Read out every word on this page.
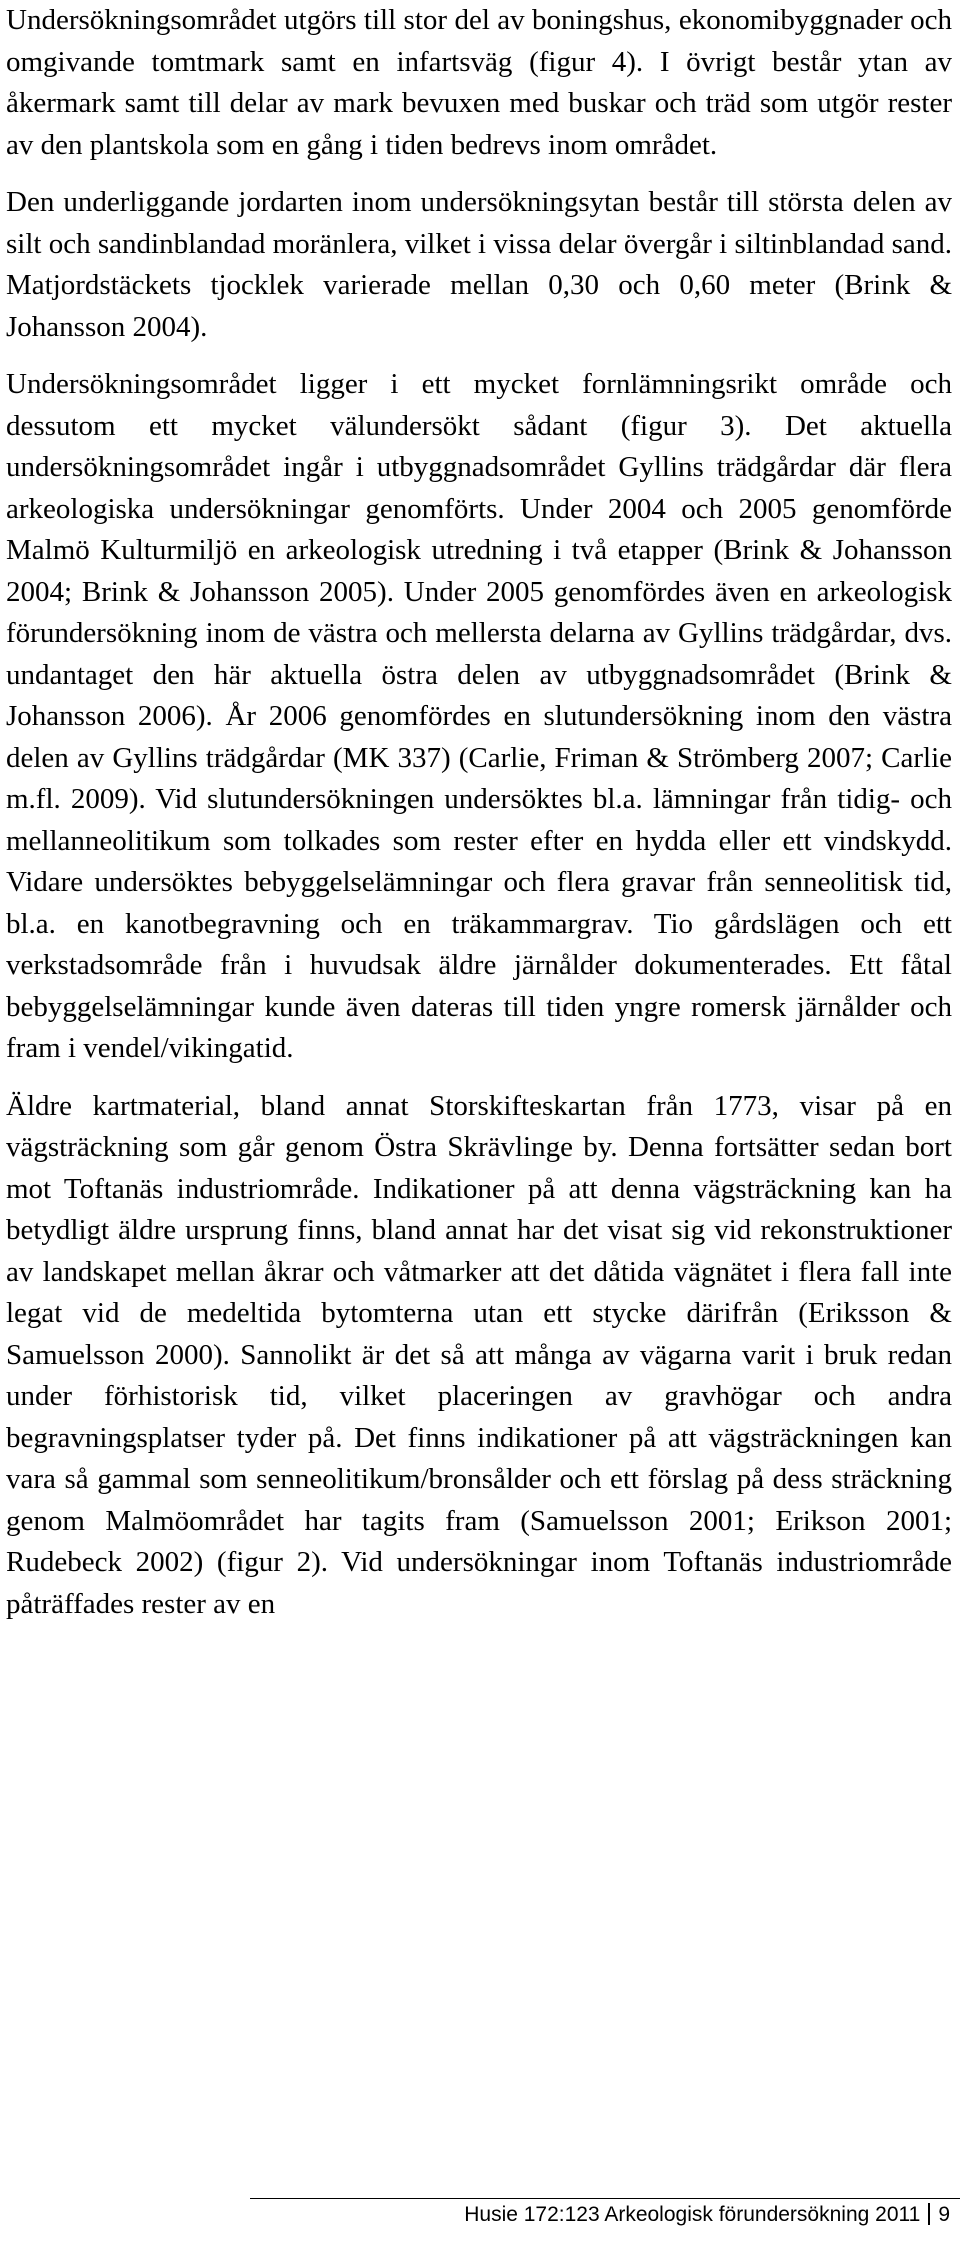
Undersökningsområdet utgörs till stor del av boningshus, ekonomibyggnader och omgivande tomtmark samt en infartsväg (figur 4). I övrigt består ytan av åkermark samt till delar av mark bevuxen med buskar och träd som utgör rester av den plantskola som en gång i tiden bedrevs inom området.

Den underliggande jordarten inom undersökningsytan består till största delen av silt och sandinblandad moränlera, vilket i vissa delar övergår i siltinblandad sand. Matjordstäckets tjocklek varierade mellan 0,30 och 0,60 meter (Brink & Johansson 2004).

Undersökningsområdet ligger i ett mycket fornlämningsrikt område och dessutom ett mycket välundersökt sådant (figur 3). Det aktuella undersökningsområdet ingår i utbyggnadsområdet Gyllins trädgårdar där flera arkeologiska undersökningar genomförts. Under 2004 och 2005 genomförde Malmö Kulturmiljö en arkeologisk utredning i två etapper (Brink & Johansson 2004; Brink & Johansson 2005). Under 2005 genomfördes även en arkeologisk förundersökning inom de västra och mellersta delarna av Gyllins trädgårdar, dvs. undantaget den här aktuella östra delen av utbyggnadsområdet (Brink & Johansson 2006). År 2006 genomfördes en slutundersökning inom den västra delen av Gyllins trädgårdar (MK 337) (Carlie, Friman & Strömberg 2007; Carlie m.fl. 2009). Vid slutundersökningen undersöktes bl.a. lämningar från tidig- och mellanneolitikum som tolkades som rester efter en hydda eller ett vindskydd. Vidare undersöktes bebyggelselämningar och flera gravar från senneolitisk tid, bl.a. en kanotbegravning och en träkammargrav. Tio gårdslägen och ett verkstadsområde från i huvudsak äldre järnålder dokumenterades. Ett fåtal bebyggelselämningar kunde även dateras till tiden yngre romersk järnålder och fram i vendel/vikingatid.

Äldre kartmaterial, bland annat Storskifteskartan från 1773, visar på en vägsträckning som går genom Östra Skrävlinge by. Denna fortsätter sedan bort mot Toftanäs industriområde. Indikationer på att denna vägsträckning kan ha betydligt äldre ursprung finns, bland annat har det visat sig vid rekonstruktioner av landskapet mellan åkrar och våtmarker att det dåtida vägnätet i flera fall inte legat vid de medeltida bytomterna utan ett stycke därifrån (Eriksson & Samuelsson 2000). Sannolikt är det så att många av vägarna varit i bruk redan under förhistorisk tid, vilket placeringen av gravhögar och andra begravningsplatser tyder på. Det finns indikationer på att vägsträckningen kan vara så gammal som senneolitikum/bronsålder och ett förslag på dess sträckning genom Malmöområdet har tagits fram (Samuelsson 2001; Erikson 2001; Rudebeck 2002) (figur 2). Vid undersökningar inom Toftanäs industriområde påträffades rester av en

Husie 172:123 Arkeologisk förundersökning 2011 9
